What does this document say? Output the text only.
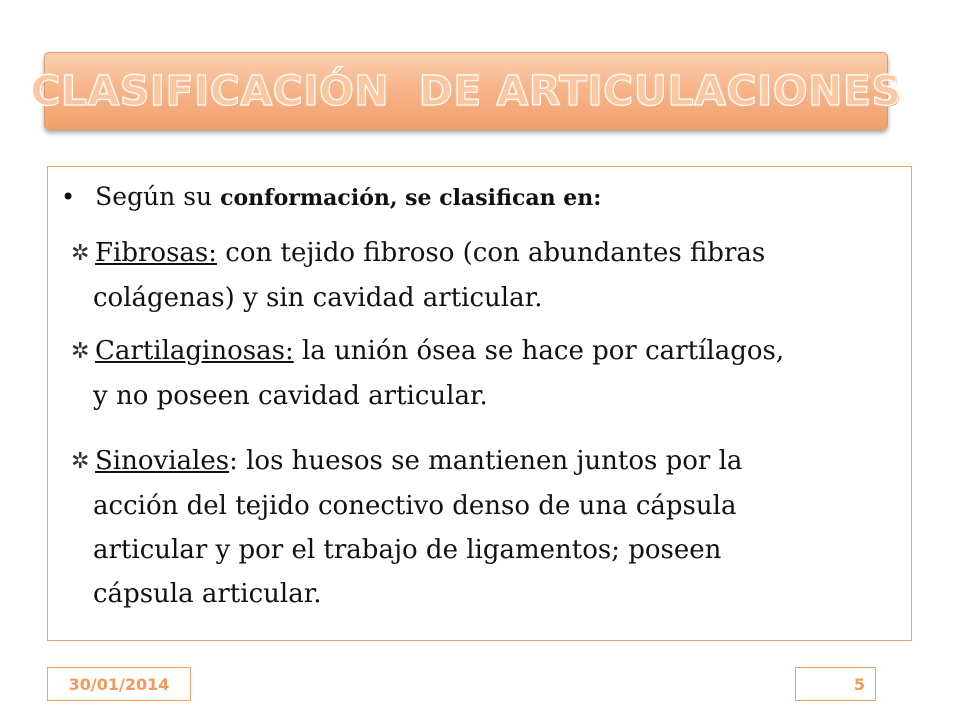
CLASIFICACIÓN  DE ARTICULACIONES
• Según su conformación, se clasifican en:
✲ Fibrosas: con tejido fibroso (con abundantes fibras
colágenas) y sin cavidad articular.
✲ Cartilaginosas: la unión ósea se hace por cartílagos,
y no poseen cavidad articular.
✲ Sinoviales: los huesos se mantienen juntos por la
acción del tejido conectivo denso de una cápsula
articular y por el trabajo de ligamentos; poseen
cápsula articular.
30/01/2014	5
